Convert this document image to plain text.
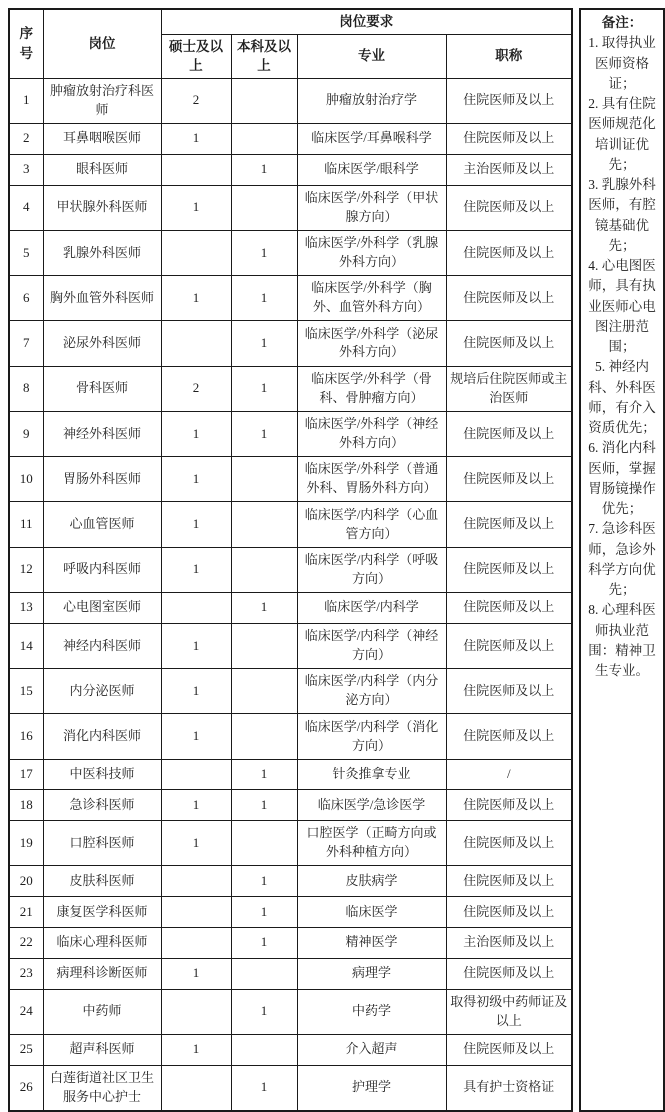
序号	岗位	岗位要求			
		硕士及以上	本科及以上	专业	职称
1	肿瘤放射治疗科医师	2		肿瘤放射治疗学	住院医师及以上
2	耳鼻咽喉医师	1		临床医学/耳鼻喉科学	住院医师及以上
3	眼科医师		1	临床医学/眼科学	主治医师及以上
4	甲状腺外科医师	1		临床医学/外科学（甲状腺方向）	住院医师及以上
5	乳腺外科医师		1	临床医学/外科学（乳腺外科方向）	住院医师及以上
6	胸外血管外科医师	1	1	临床医学/外科学（胸外、血管外科方向）	住院医师及以上
7	泌尿外科医师		1	临床医学/外科学（泌尿外科方向）	住院医师及以上
8	骨科医师	2	1	临床医学/外科学（骨科、骨肿瘤方向）	规培后住院医师或主治医师
9	神经外科医师	1	1	临床医学/外科学（神经外科方向）	住院医师及以上
10	胃肠外科医师	1		临床医学/外科学（普通外科、胃肠外科方向）	住院医师及以上
11	心血管医师	1		临床医学/内科学（心血管方向）	住院医师及以上
12	呼吸内科医师	1		临床医学/内科学（呼吸方向）	住院医师及以上
13	心电图室医师		1	临床医学/内科学	住院医师及以上
14	神经内科医师	1		临床医学/内科学（神经方向）	住院医师及以上
15	内分泌医师	1		临床医学/内科学（内分泌方向）	住院医师及以上
16	消化内科医师	1		临床医学/内科学（消化方向）	住院医师及以上
17	中医科技师		1	针灸推拿专业	/
18	急诊科医师	1	1	临床医学/急诊医学	住院医师及以上
19	口腔科医师	1		口腔医学（正畸方向或外科种植方向）	住院医师及以上
20	皮肤科医师		1	皮肤病学	住院医师及以上
21	康复医学科医师		1	临床医学	住院医师及以上
22	临床心理科医师		1	精神医学	主治医师及以上
23	病理科诊断医师	1		病理学	住院医师及以上
24	中药师		1	中药学	取得初级中药师证及以上
25	超声科医师	1		介入超声	住院医师及以上
26	白莲街道社区卫生服务中心护士		1	护理学	具有护士资格证
备注：
1. 取得执业医师资格证；
2. 具有住院医师规范化培训证优先；
3. 乳腺外科医师，有腔镜基础优先；
4. 心电图医师，具有执业医师心电图注册范围；
5. 神经内科、外科医师，有介入资质优先；
6. 消化内科医师，掌握胃肠镜操作优先；
7. 急诊科医师，急诊外科学方向优先；
8. 心理科医师执业范围：精神卫生专业。
